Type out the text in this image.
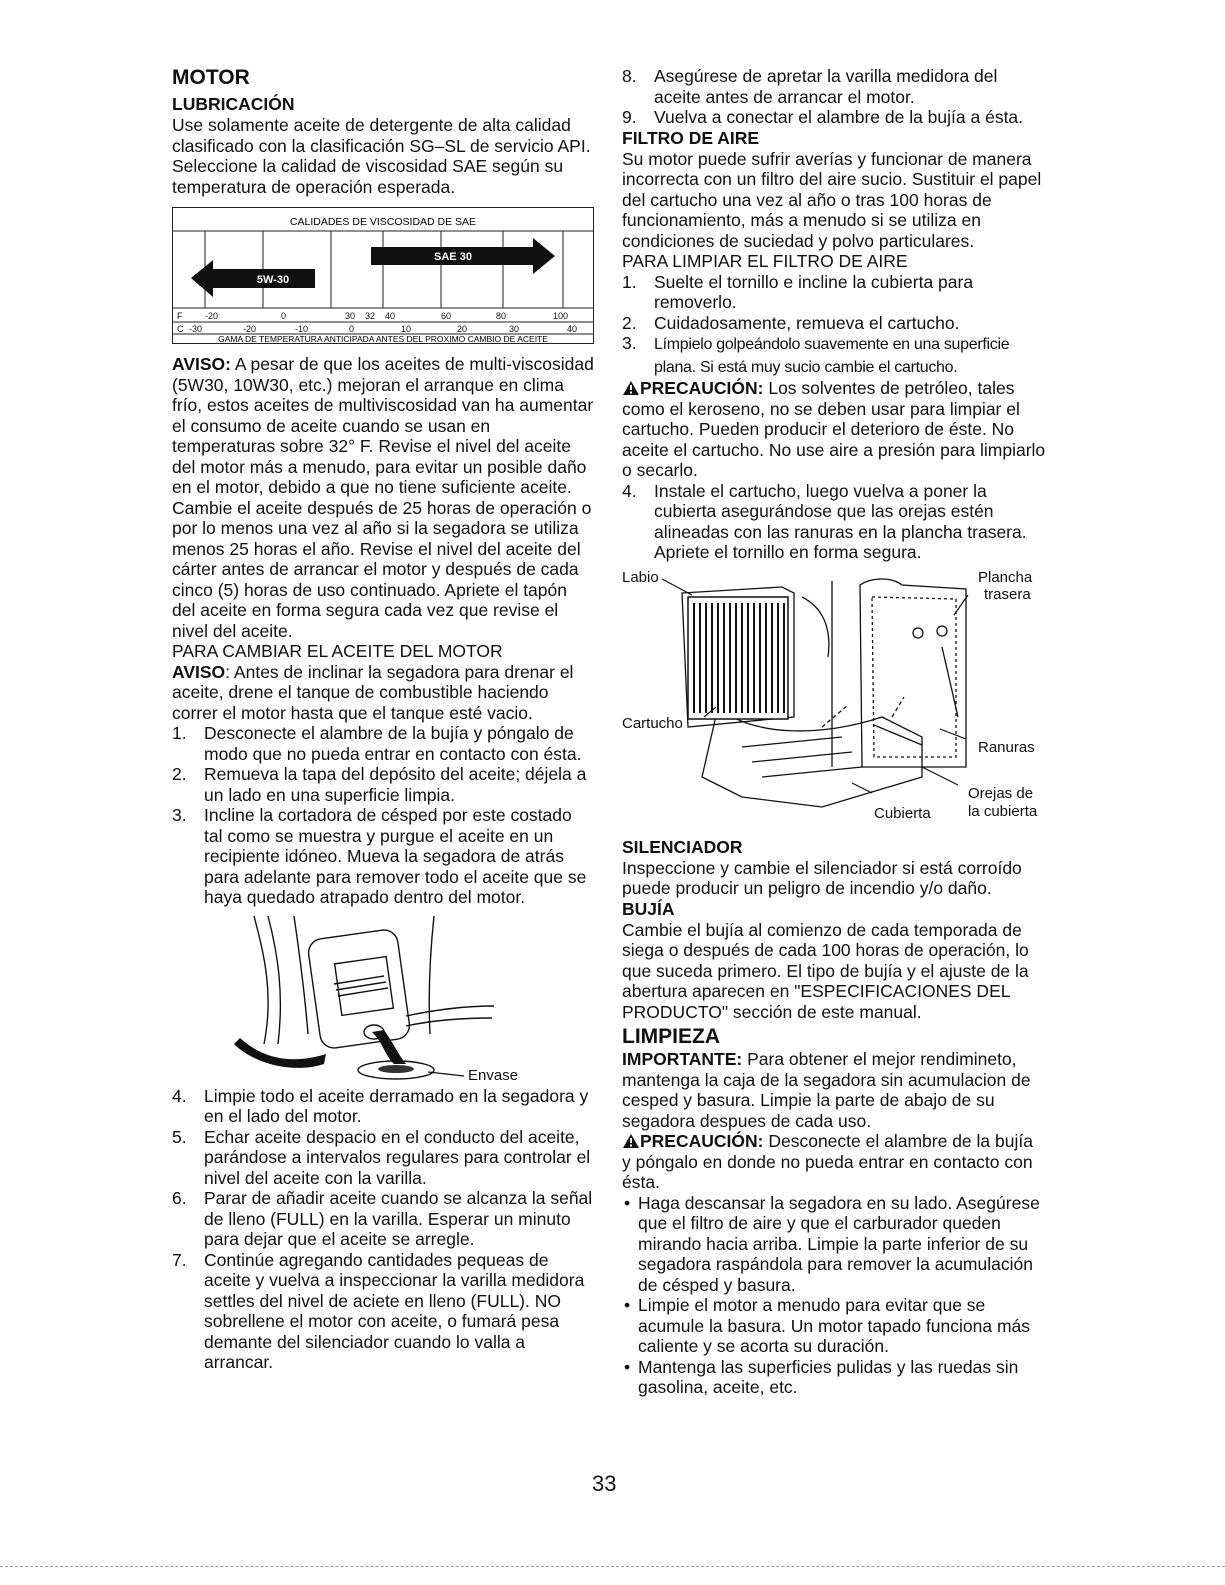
MOTOR
LUBRICACIÓN

Use solamente aceite de detergente de alta calidad clasificado con la clasificación SG–SL de servicio API. Seleccione la calidad de viscosidad SAE según su temperatura de operación esperada.

CALIDADES DE VISCOSIDAD DE SAE
5W-30
SAE 30
F	-20	0	30 32 40	60	80	100
C -30	-20	-10	0	10	20	30	40
GAMA DE TEMPERATURA ANTICIPADA ANTES DEL PROXIMO CAMBIO DE ACEITE

AVISO: A pesar de que los aceites de multi-viscosidad (5W30, 10W30, etc.) mejoran el arranque en clima frío, estos aceites de multiviscosidad van ha aumentar el consumo de aceite cuando se usan en temperaturas sobre 32° F. Revise el nivel del aceite del motor más a menudo, para evitar un posible daño en el motor, debido a que no tiene suficiente aceite. Cambie el aceite después de 25 horas de operación o por lo menos una vez al año si la segadora se utiliza menos 25 horas el año. Revise el nivel del aceite del cárter antes de arrancar el motor y después de cada cinco (5) horas de uso continuado. Apriete el tapón del aceite en forma segura cada vez que revise el nivel del aceite.

PARA CAMBIAR EL ACEITE DEL MOTOR

AVISO: Antes de inclinar la segadora para drenar el aceite, drene el tanque de combustible haciendo correr el motor hasta que el tanque esté vacio.

1. Desconecte el alambre de la bujía y póngalo de modo que no pueda entrar en contacto con ésta.
2. Remueva la tapa del depósito del aceite; déjela a un lado en una superficie limpia.
3. Incline la cortadora de césped por este costado tal como se muestra y purgue el aceite en un recipiente idóneo. Mueva la segadora de atrás para adelante para remover todo el aceite que se haya quedado atrapado dentro del motor.
Envase
4. Limpie todo el aceite derramado en la segadora y en el lado del motor.
5. Echar aceite despacio en el conducto del aceite, parándose a intervalos regulares para controlar el nivel del aceite con la varilla.
6. Parar de añadir aceite cuando se alcanza la señal de lleno (FULL) en la varilla. Esperar un minuto para dejar que el aceite se arregle.
7. Continúe agregando cantidades pequeas de aceite y vuelva a inspeccionar la varilla medidora settles del nivel de aciete en lleno (FULL). NO sobrellene el motor con aceite, o fumará pesa demante del silenciador cuando lo valla a arrancar.
8. Asegúrese de apretar la varilla medidora del aceite antes de arrancar el motor.
9. Vuelva a conectar el alambre de la bujía a ésta.
FILTRO DE AIRE

Su motor puede sufrir averías y funcionar de manera incorrecta con un filtro del aire sucio. Sustituir el papel del cartucho una vez al año o tras 100 horas de funcionamiento, más a menudo si se utiliza en condiciones de suciedad y polvo particulares.

PARA LIMPIAR EL FILTRO DE AIRE

1. Suelte el tornillo e incline la cubierta para removerlo.
2. Cuidadosamente, remueva el cartucho.
3. Límpielo golpeándolo suavemente en una superficie plana. Si está muy sucio cambie el cartucho.

PRECAUCIÓN: Los solventes de petróleo, tales como el keroseno, no se deben usar para limpiar el cartucho. Pueden producir el deterioro de éste. No aceite el cartucho. No use aire a presión para limpiarlo o secarlo.

4. Instale el cartucho, luego vuelva a poner la cubierta asegurándose que las orejas estén alineadas con las ranuras en la plancha trasera. Apriete el tornillo en forma segura.
Labio	Plancha
trasera
Cartucho
Ranuras
Orejas de
la cubierta
Cubierta
SILENCIADOR

Inspeccione y cambie el silenciador si está corroído puede producir un peligro de incendio y/o daño.

BUJÍA

Cambie el bujía al comienzo de cada temporada de siega o después de cada 100 horas de operación, lo que suceda primero. El tipo de bujía y el ajuste de la abertura aparecen en "ESPECIFICACIONES DEL PRODUCTO" sección de este manual.

LIMPIEZA

IMPORTANTE: Para obtener el mejor rendimineto, mantenga la caja de la segadora sin acumulacion de cesped y basura. Limpie la parte de abajo de su segadora despues de cada uso.

PRECAUCIÓN: Desconecte el alambre de la bujía y póngalo en donde no pueda entrar en contacto con ésta.

• Haga descansar la segadora en su lado. Asegúrese que el filtro de aire y que el carburador queden mirando hacia arriba. Limpie la parte inferior de su segadora raspándola para remover la acumulación de césped y basura.
• Limpie el motor a menudo para evitar que se acumule la basura. Un motor tapado funciona más caliente y se acorta su duración.
• Mantenga las superficies pulidas y las ruedas sin gasolina, aceite, etc.
33
